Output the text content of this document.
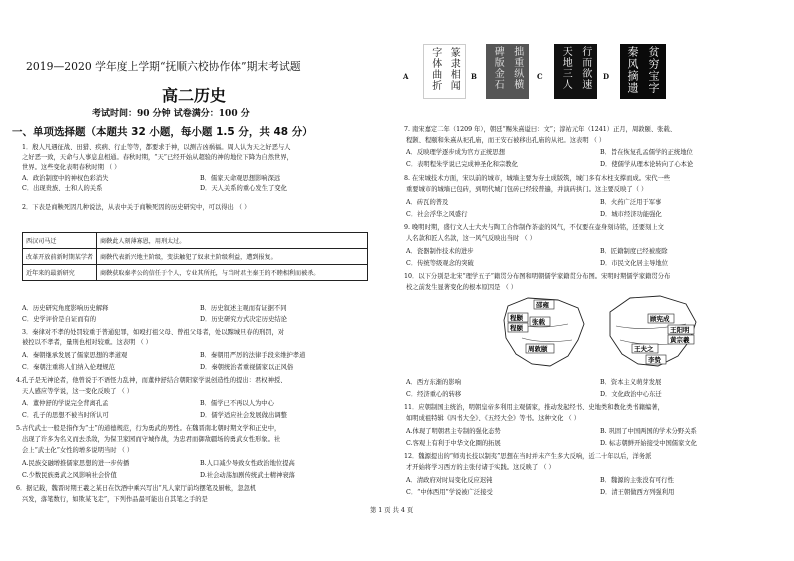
2019—2020 学年度上学期“抚顺六校协作体”期末考试题
高二历史
考试时间：90 分钟 试卷满分：100 分
一、单项选择题（本题共 32 小题，每小题 1.5 分，共 48 分）
1．殷人凡遇征战、田猎、疾病、行止等等，都要求于神，以测吉凶祸福。周人认为天之好恶与人
之好恶一致，天命与人事息息相通。春秋时期，“天”已经开始从超验的神的地位下降为自然世界，
世界。这些变化表明春秋时期 （ ）
A．政治制度中的神权色彩消失	B．儒家天命观思想影响深远
C．出现贵族、士和人的关系	D．天人关系的重心发生了变化
2．下表是商鞅死因几种说法，从表中关于商鞅死因的历史研究中，可以得出 （ ）
西汉司马迁	商鞅此人刻薄寡恩，用刑太过。
改革开放前新时期某学者	商鞅代表新兴地主阶级，变法触犯了奴隶主阶级利益，遭到报复。
近年来的最新研究	商鞅获取秦孝公的信任于个人，专业其所托，与当时君主秦王的不睦相利而被杀。
A．历史研究角度影响历史解释	B．历史叙述主观而有证据不同
C．史学评价是自证而有的	D．历史研究方式决定历史结论
3．秦律对不孝的处罚较重于普通犯罪，如殴打祖父母、曾祖父母者，处以黥城旦春的刑罚，对
被控以不孝者，量刑也相对较重。这表明 （ ）
A．秦朝继承发展了儒家思想的孝道观	B．秦朝用严厉的法律手段来维护孝道
C．秦朝注重将人们纳入伦理规范	D．秦朝统治者重视儒家以正风俗
4.孔子是无神论者，他曾说于不语怪力乱神，而董仲舒结合朝阳家学说创造性的提出：君权神授、
天人感应等学说，这一变化反映了 （ ）
A．董仲舒的学说完全背离孔孟	B．儒学已不再以人为中心
C．孔子的思想不被当时所认可	D．儒学适应社会发展做出调整
5.古代武士一般是指作为“士”的道德规范，行为勇武的男性。在魏晋南北朝时期文学和正史中，
出现了许多为名义而去杀敌，为保卫家园而守城作战，为忠君而御敌疆场的勇武女性形象。社
会上“武士化”女性的增多说明当时 （ ）
A.民族交融增推儒家思想的进一步传播	B.人口减少导致女性政治地位提高
C.少数民族勇武之风影响社会价值	D.社会动荡加剧传统武士精神衰落
6．据记载，魏晋时期王羲之某日在饮酒中乘兴写出“凡人家厅前均摆笔及厨帐，忽忽机
兴发，落笔数行，如欺某飞走”，下列作品最可能出自其笔之手的是
A	篆隶相闻
字体曲折	B	拙重纵横
碑版金石	C	行而欲速
天地三人	D	贫穷宝字
秦风摘遗
7. 南宋嘉定二年（1209 年），朝廷“赐朱熹谥曰：文”；淳祐元年（1241）正月，周敦颐、张载、
程颢、程颐和朱熹从祀孔庙，而王安石被移出孔庙的从祀。这表明 （ ）
A．反映理学逐步成为官方正统思想	B．旨在恢复孔孟儒学的正统地位
C．表明程朱学说已完成神圣化和宗教化	D．使儒学从理本论转向了心本论
8. 在宋城技术方面，宋以前的城市，城墙主要为夯土成版筑，城门多有木柱支撑而成。宋代一些
重要城市的城墙已包砖，到明代城门包砖已经较普遍，并演砖拱门。这主要反映了（ ）
A．砖瓦的普及	B．火药广泛用于军事
C．社会浮华之风盛行	D．城市经济功能强化
9. 晚明时期，盛行文人士大夫与陶工合作制作茶壶的风气，不仅要在壶身刻诗铭，还要刻上文
人名款和匠人名款，这一风气反映出当时 （ ）
A．瓷器制作技术的进步	B．匠籍制度已经被废除
C．传统等级观念的突破	D．市民文化居主导地位
10．以下分别是北宋“理学五子”籍贯分布图和明朝儒学家籍贯分布图。宋明时期儒学家籍贯分布
校之前发生显著变化的根本原因是 （ ）
邵雍
程颢
程颐
张载
周敦颐
顾宪成
王阳明
黄宗羲
王夫之
李贽
A．西方东渐的影响	B．资本主义萌芽发展
C．经济重心的转移	D．文化政治中心东迁
11．应朝制国主统治，明朝皇帝多利用主观儒家，推动发起经书、史地类和教化类书籍编著，
如明成祖特辑《四书大全》、《五经大全》等书。这种文化 （ ）
A.体现了明朝君主专制的强化态势	B. 巩固了中国两国的学术分野关系
C.客观上有利于中华文化圈的拓展	D. 标志朝鲜开始接受中国儒家文化
12．魏源提出的“师夷长技以制夷”思想在当时并未产生多大反响，近二十年以后，洋务派
才开始将学习西方的主张付诸于实践。这反映了 （ ）
A．清政府对时局变化反应迟钝	B．魏源的主张没有可行性
C．“中体西用”学说被广泛接受	D．清王朝做西方列强利用
第 1 页 共 4 页
